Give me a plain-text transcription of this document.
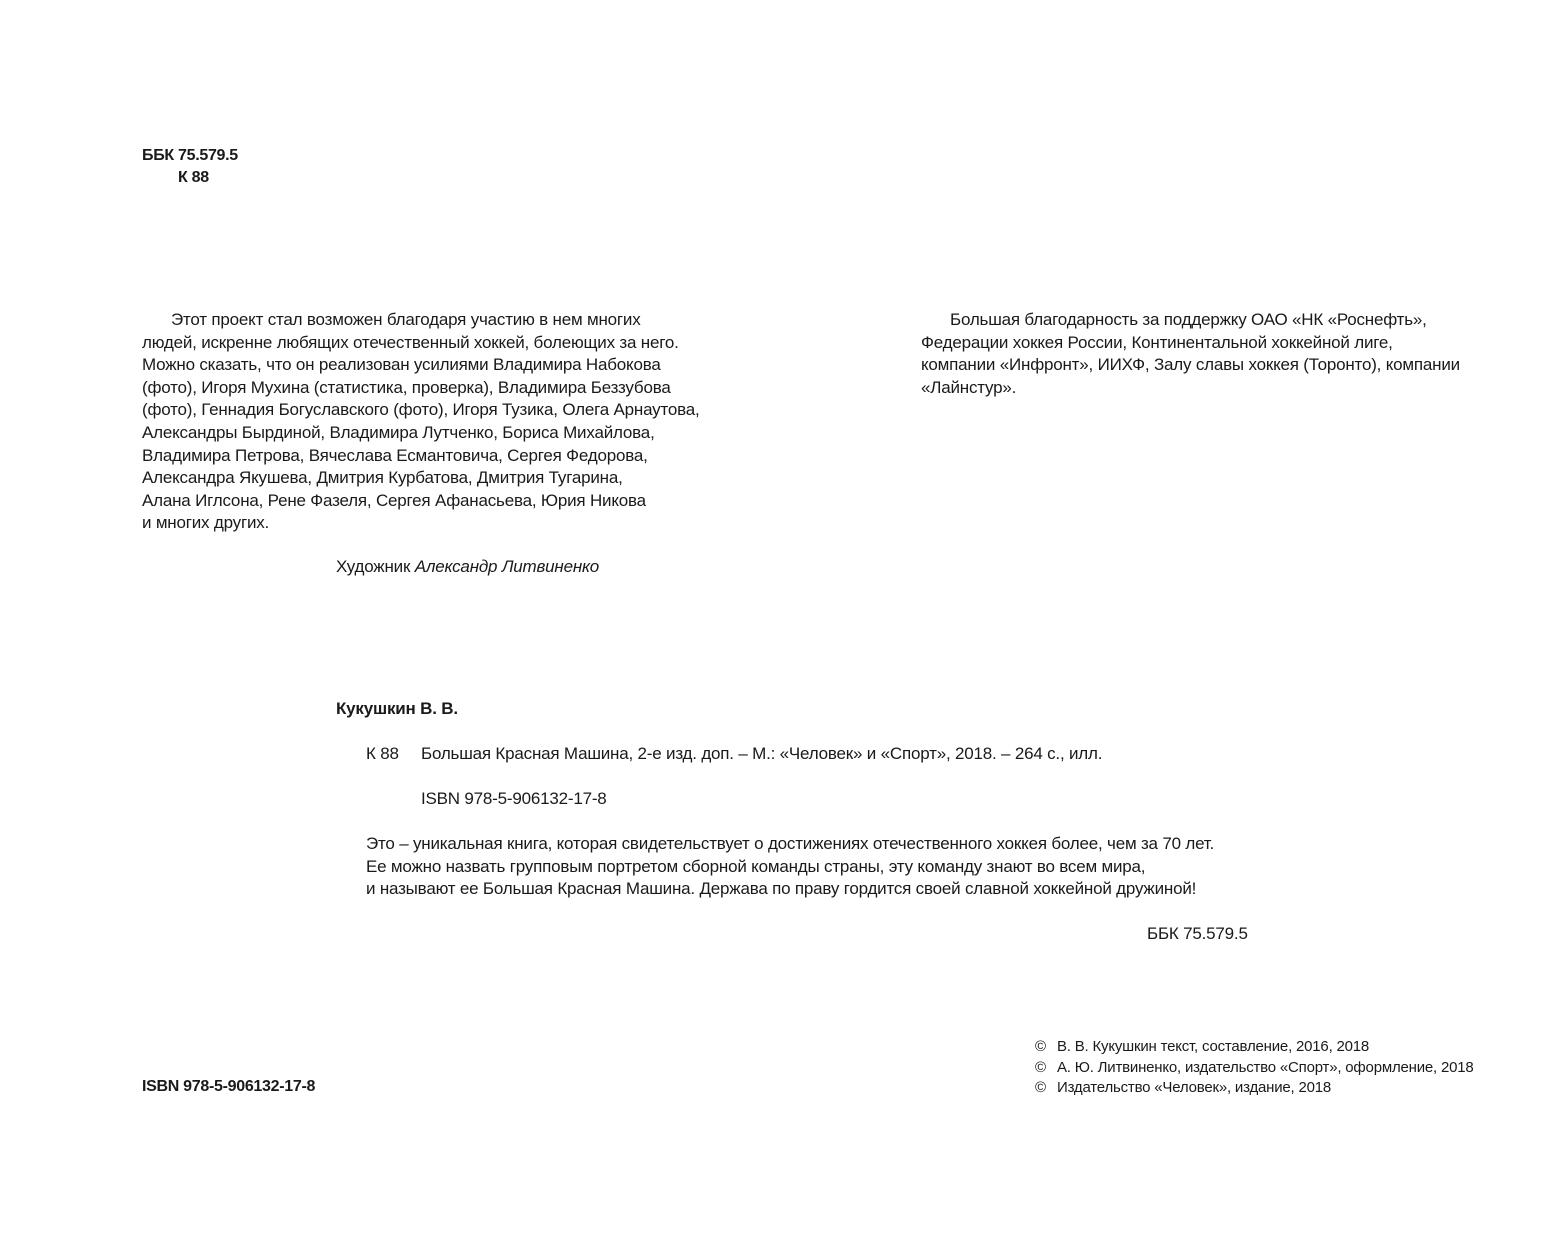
ББК 75.579.5
К 88
Этот проект стал возможен благодаря участию в нем многих
людей, искренне любящих отечественный хоккей, болеющих за него.
Можно сказать, что он реализован усилиями Владимира Набокова
(фото), Игоря Мухина (статистика, проверка), Владимира Беззубова
(фото), Геннадия Богуславского (фото), Игоря Тузика, Олега Арнаутова,
Александры Бырдиной, Владимира Лутченко, Бориса Михайлова,
Владимира Петрова, Вячеслава Есмантовича, Сергея Федорова,
Александра Якушева, Дмитрия Курбатова, Дмитрия Тугарина,
Алана Иглсона, Рене Фазеля, Сергея Афанасьева, Юрия Никова
и многих других.
Большая благодарность за поддержку ОАО «НК «Роснефть»,
Федерации хоккея России, Континентальной хоккейной лиге,
компании «Инфронт», ИИХФ, Залу славы хоккея (Торонто), компании
«Лайнстур».
Художник Александр Литвиненко
Кукушкин В. В.
К 88 Большая Красная Машина, 2-е изд. доп. – М.: «Человек» и «Спорт», 2018. – 264 с., илл.
ISBN 978-5-906132-17-8
Это – уникальная книга, которая свидетельствует о достижениях отечественного хоккея более, чем за 70 лет.
Ее можно назвать групповым портретом сборной команды страны, эту команду знают во всем мира,
и называют ее Большая Красная Машина. Держава по праву гордится своей славной хоккейной дружиной!
ББК 75.579.5
ISBN 978-5-906132-17-8
© В. В. Кукушкин текст, составление, 2016, 2018
© А. Ю. Литвиненко, издательство «Спорт», оформление, 2018
© Издательство «Человек», издание, 2018
